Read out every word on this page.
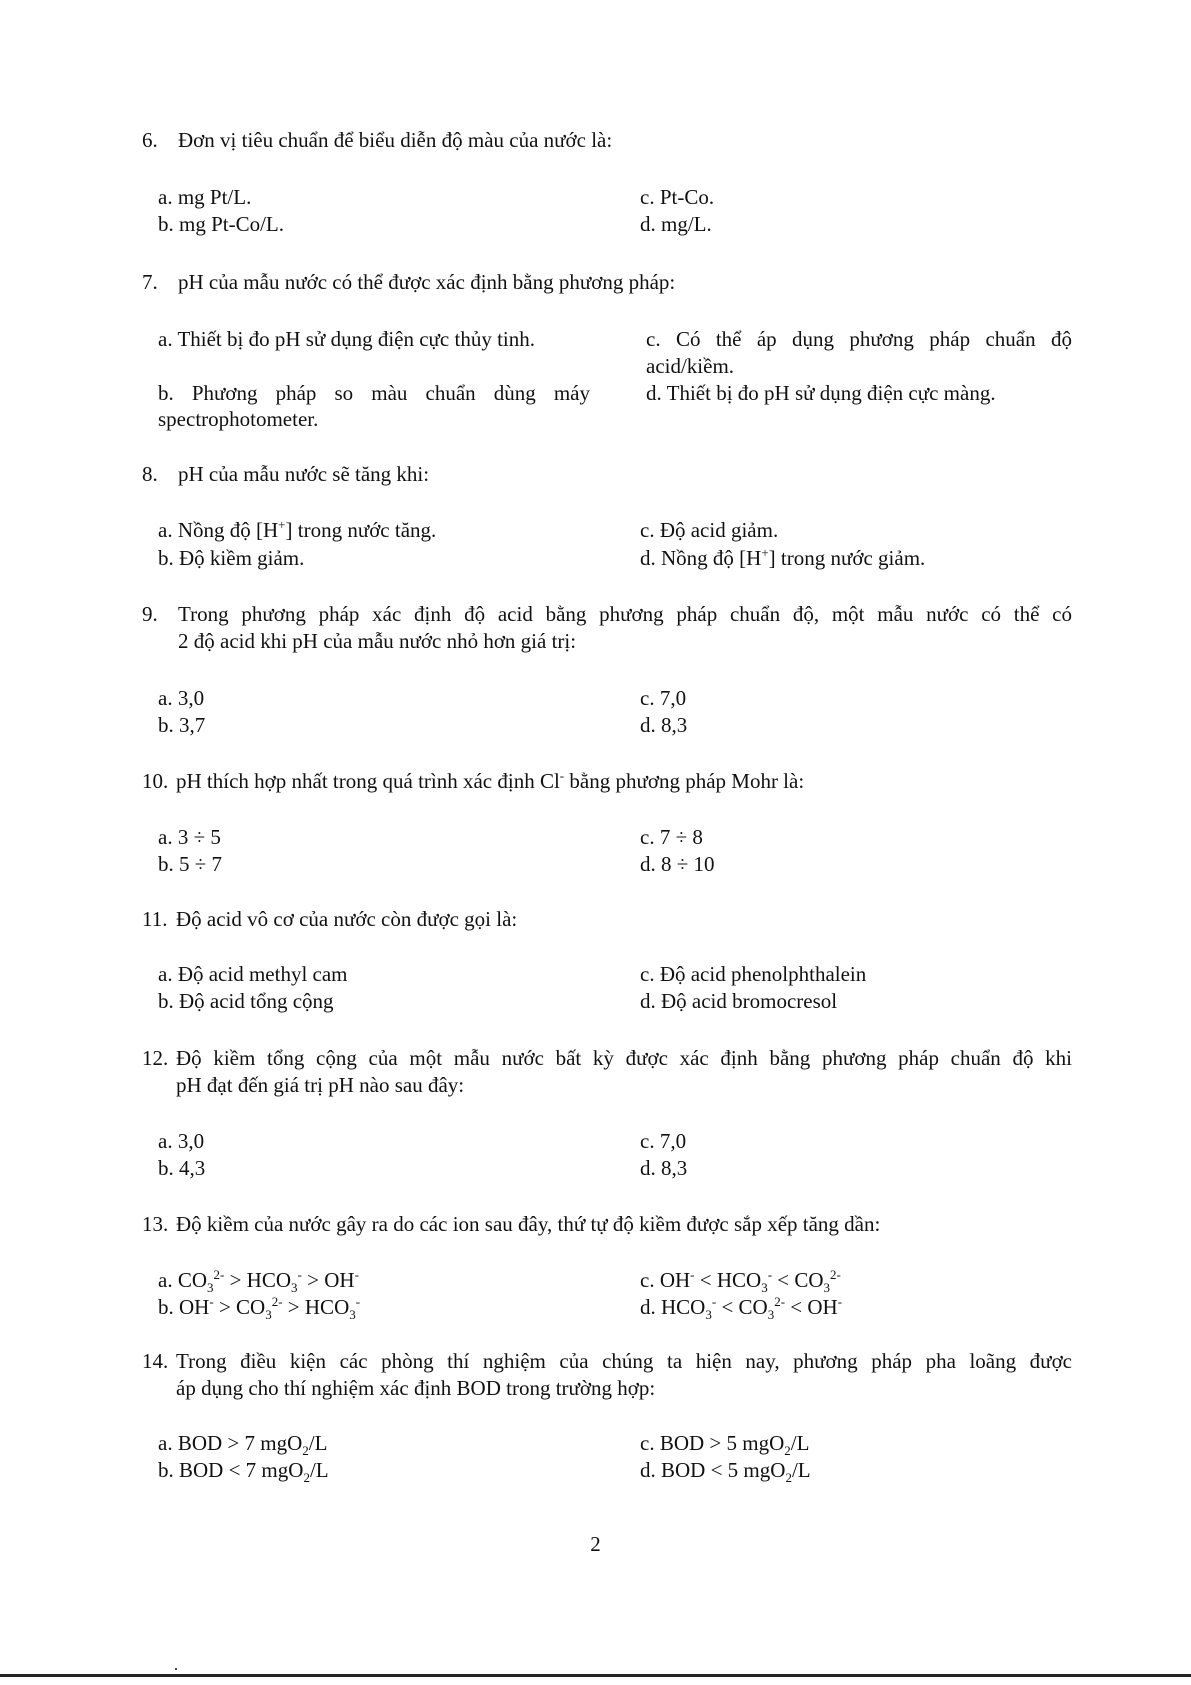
6. Đơn vị tiêu chuẩn để biểu diễn độ màu của nước là:
a. mg Pt/L.
b. mg Pt-Co/L.
c. Pt-Co.
d. mg/L.
7. pH của mẫu nước có thể được xác định bằng phương pháp:
a. Thiết bị đo pH sử dụng điện cực thủy tinh.
b. Phương pháp so màu chuẩn dùng máy
spectrophotometer.
c. Có thể áp dụng phương pháp chuẩn độ
acid/kiềm.
d. Thiết bị đo pH sử dụng điện cực màng.
8. pH của mẫu nước sẽ tăng khi:
a. Nồng độ [H+] trong nước tăng.
b. Độ kiềm giảm.
c. Độ acid giảm.
d. Nồng độ [H+] trong nước giảm.
9. Trong phương pháp xác định độ acid bằng phương pháp chuẩn độ, một mẫu nước có thể có
2 độ acid khi pH của mẫu nước nhỏ hơn giá trị:
a. 3,0
b. 3,7
c. 7,0
d. 8,3
10. pH thích hợp nhất trong quá trình xác định Cl- bằng phương pháp Mohr là:
a. 3 ÷ 5
b. 5 ÷ 7
c. 7 ÷ 8
d. 8 ÷ 10
11. Độ acid vô cơ của nước còn được gọi là:
a. Độ acid methyl cam
b. Độ acid tổng cộng
c. Độ acid phenolphthalein
d. Độ acid bromocresol
12. Độ kiềm tổng cộng của một mẫu nước bất kỳ được xác định bằng phương pháp chuẩn độ khi
pH đạt đến giá trị pH nào sau đây:
a. 3,0
b. 4,3
c. 7,0
d. 8,3
13. Độ kiềm của nước gây ra do các ion sau đây, thứ tự độ kiềm được sắp xếp tăng dần:
a. $CO_3^{2-} > HCO_3^- > OH^-$
b. $OH^- > CO_3^{2-} > HCO_3^-$
c. $OH^- < HCO_3^- < CO_3^{2-}$
d. $HCO_3^- < CO_3^{2-} < OH^-$
14. Trong điều kiện các phòng thí nghiệm của chúng ta hiện nay, phương pháp pha loãng được
áp dụng cho thí nghiệm xác định BOD trong trường hợp:
a. BOD > 7 mgO$_2$/L
b. BOD < 7 mgO$_2$/L
c. BOD > 5 mgO$_2$/L
d. BOD < 5 mgO$_2$/L
2
